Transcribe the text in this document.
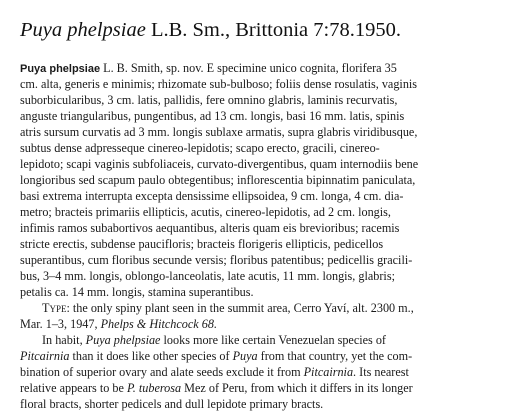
Puya phelpsiae L.B. Sm., Brittonia 7:78.1950.
Puya phelpsiae L. B. Smith, sp. nov. E specimine unico cognita, florifera 35
cm. alta, generis e minimis; rhizomate sub-bulboso; foliis dense rosulatis, vaginis
suborbicularibus, 3 cm. latis, pallidis, fere omnino glabris, laminis recurvatis,
anguste triangularibus, pungentibus, ad 13 cm. longis, basi 16 mm. latis, spinis
atris sursum curvatis ad 3 mm. longis sublaxe armatis, supra glabris viridibusque,
subtus dense adpresseque cinereo-lepidotis; scapo erecto, gracili, cinereo-
lepidoto; scapi vaginis subfoliaceis, curvato-divergentibus, quam internodiis bene
longioribus sed scapum paulo obtegentibus; inflorescentia bipinnatim paniculata,
basi extrema interrupta excepta densissime ellipsoidea, 9 cm. longa, 4 cm. dia-
metro; bracteis primariis ellipticis, acutis, cinereo-lepidotis, ad 2 cm. longis,
infimis ramos subabortivos aequantibus, alteris quam eis brevioribus; racemis
stricte erectis, subdense paucifloris; bracteis florigeris ellipticis, pedicellos
superantibus, cum floribus secunde versis; floribus patentibus; pedicellis gracili-
bus, 3–4 mm. longis, oblongo-lanceolatis, late acutis, 11 mm. longis, glabris;
petalis ca. 14 mm. longis, stamina superantibus.
Type: the only spiny plant seen in the summit area, Cerro Yaví, alt. 2300 m.,
Mar. 1–3, 1947, Phelps & Hitchcock 68.
In habit, Puya phelpsiae looks more like certain Venezuelan species of
Pitcairnia than it does like other species of Puya from that country, yet the com-
bination of superior ovary and alate seeds exclude it from Pitcairnia. Its nearest
relative appears to be P. tuberosa Mez of Peru, from which it differs in its longer
floral bracts, shorter pedicels and dull lepidote primary bracts.
